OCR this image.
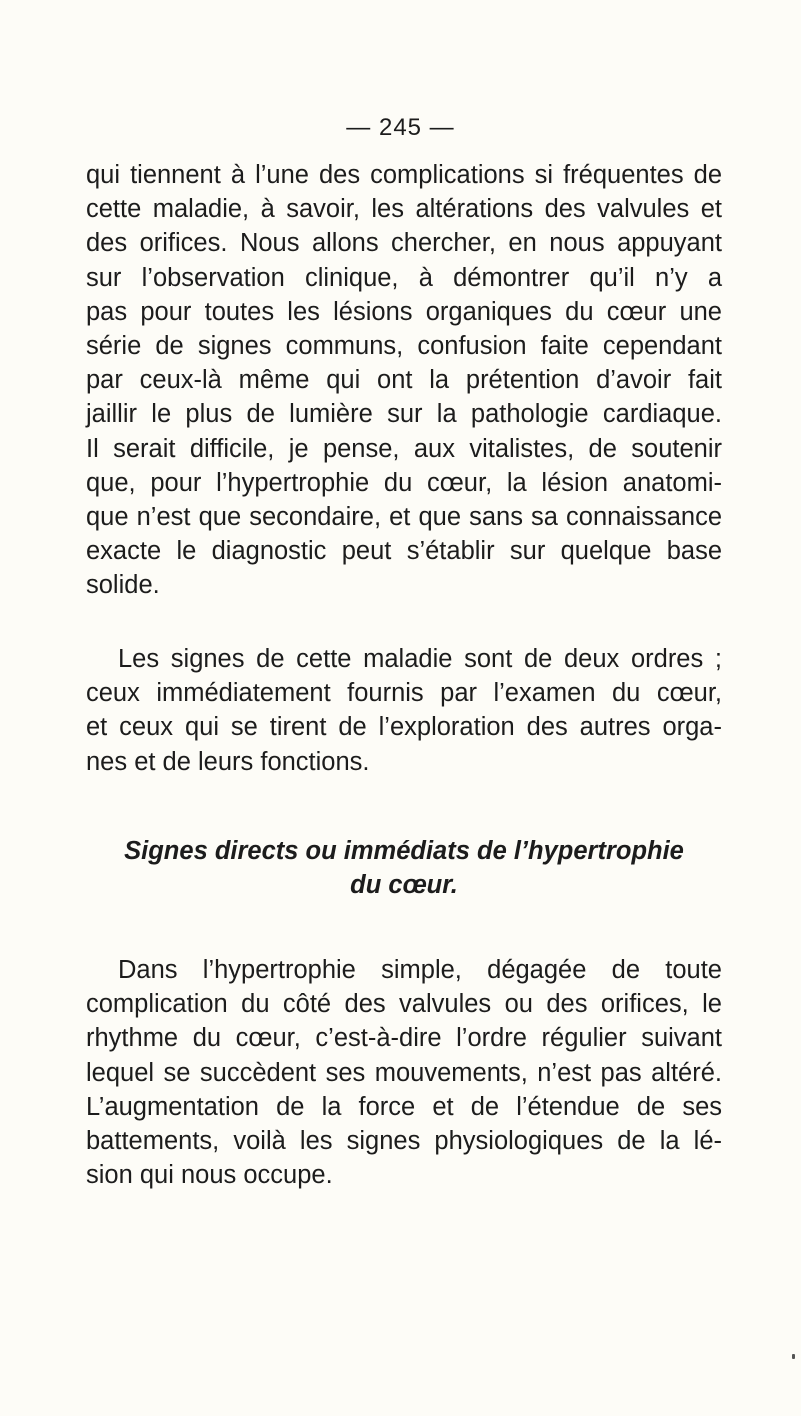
— 245 —
qui tiennent à l’une des complications si fréquentes de
cette maladie, à savoir, les altérations des valvules et
des orifices. Nous allons chercher, en nous appuyant
sur l’observation clinique, à démontrer qu’il n’y a
pas pour toutes les lésions organiques du cœur une
série de signes communs, confusion faite cependant
par ceux-là même qui ont la prétention d’avoir fait
jaillir le plus de lumière sur la pathologie cardiaque.
Il serait difficile, je pense, aux vitalistes, de soutenir
que, pour l’hypertrophie du cœur, la lésion anatomi-
que n’est que secondaire, et que sans sa connaissance
exacte le diagnostic peut s’établir sur quelque base
solide.
Les signes de cette maladie sont de deux ordres ;
ceux immédiatement fournis par l’examen du cœur,
et ceux qui se tirent de l’exploration des autres orga-
nes et de leurs fonctions.
Signes directs ou immédiats de l’hypertrophie
du cœur.
Dans l’hypertrophie simple, dégagée de toute
complication du côté des valvules ou des orifices, le
rhythme du cœur, c’est-à-dire l’ordre régulier suivant
lequel se succèdent ses mouvements, n’est pas altéré.
L’augmentation de la force et de l’étendue de ses
battements, voilà les signes physiologiques de la lé-
sion qui nous occupe.
